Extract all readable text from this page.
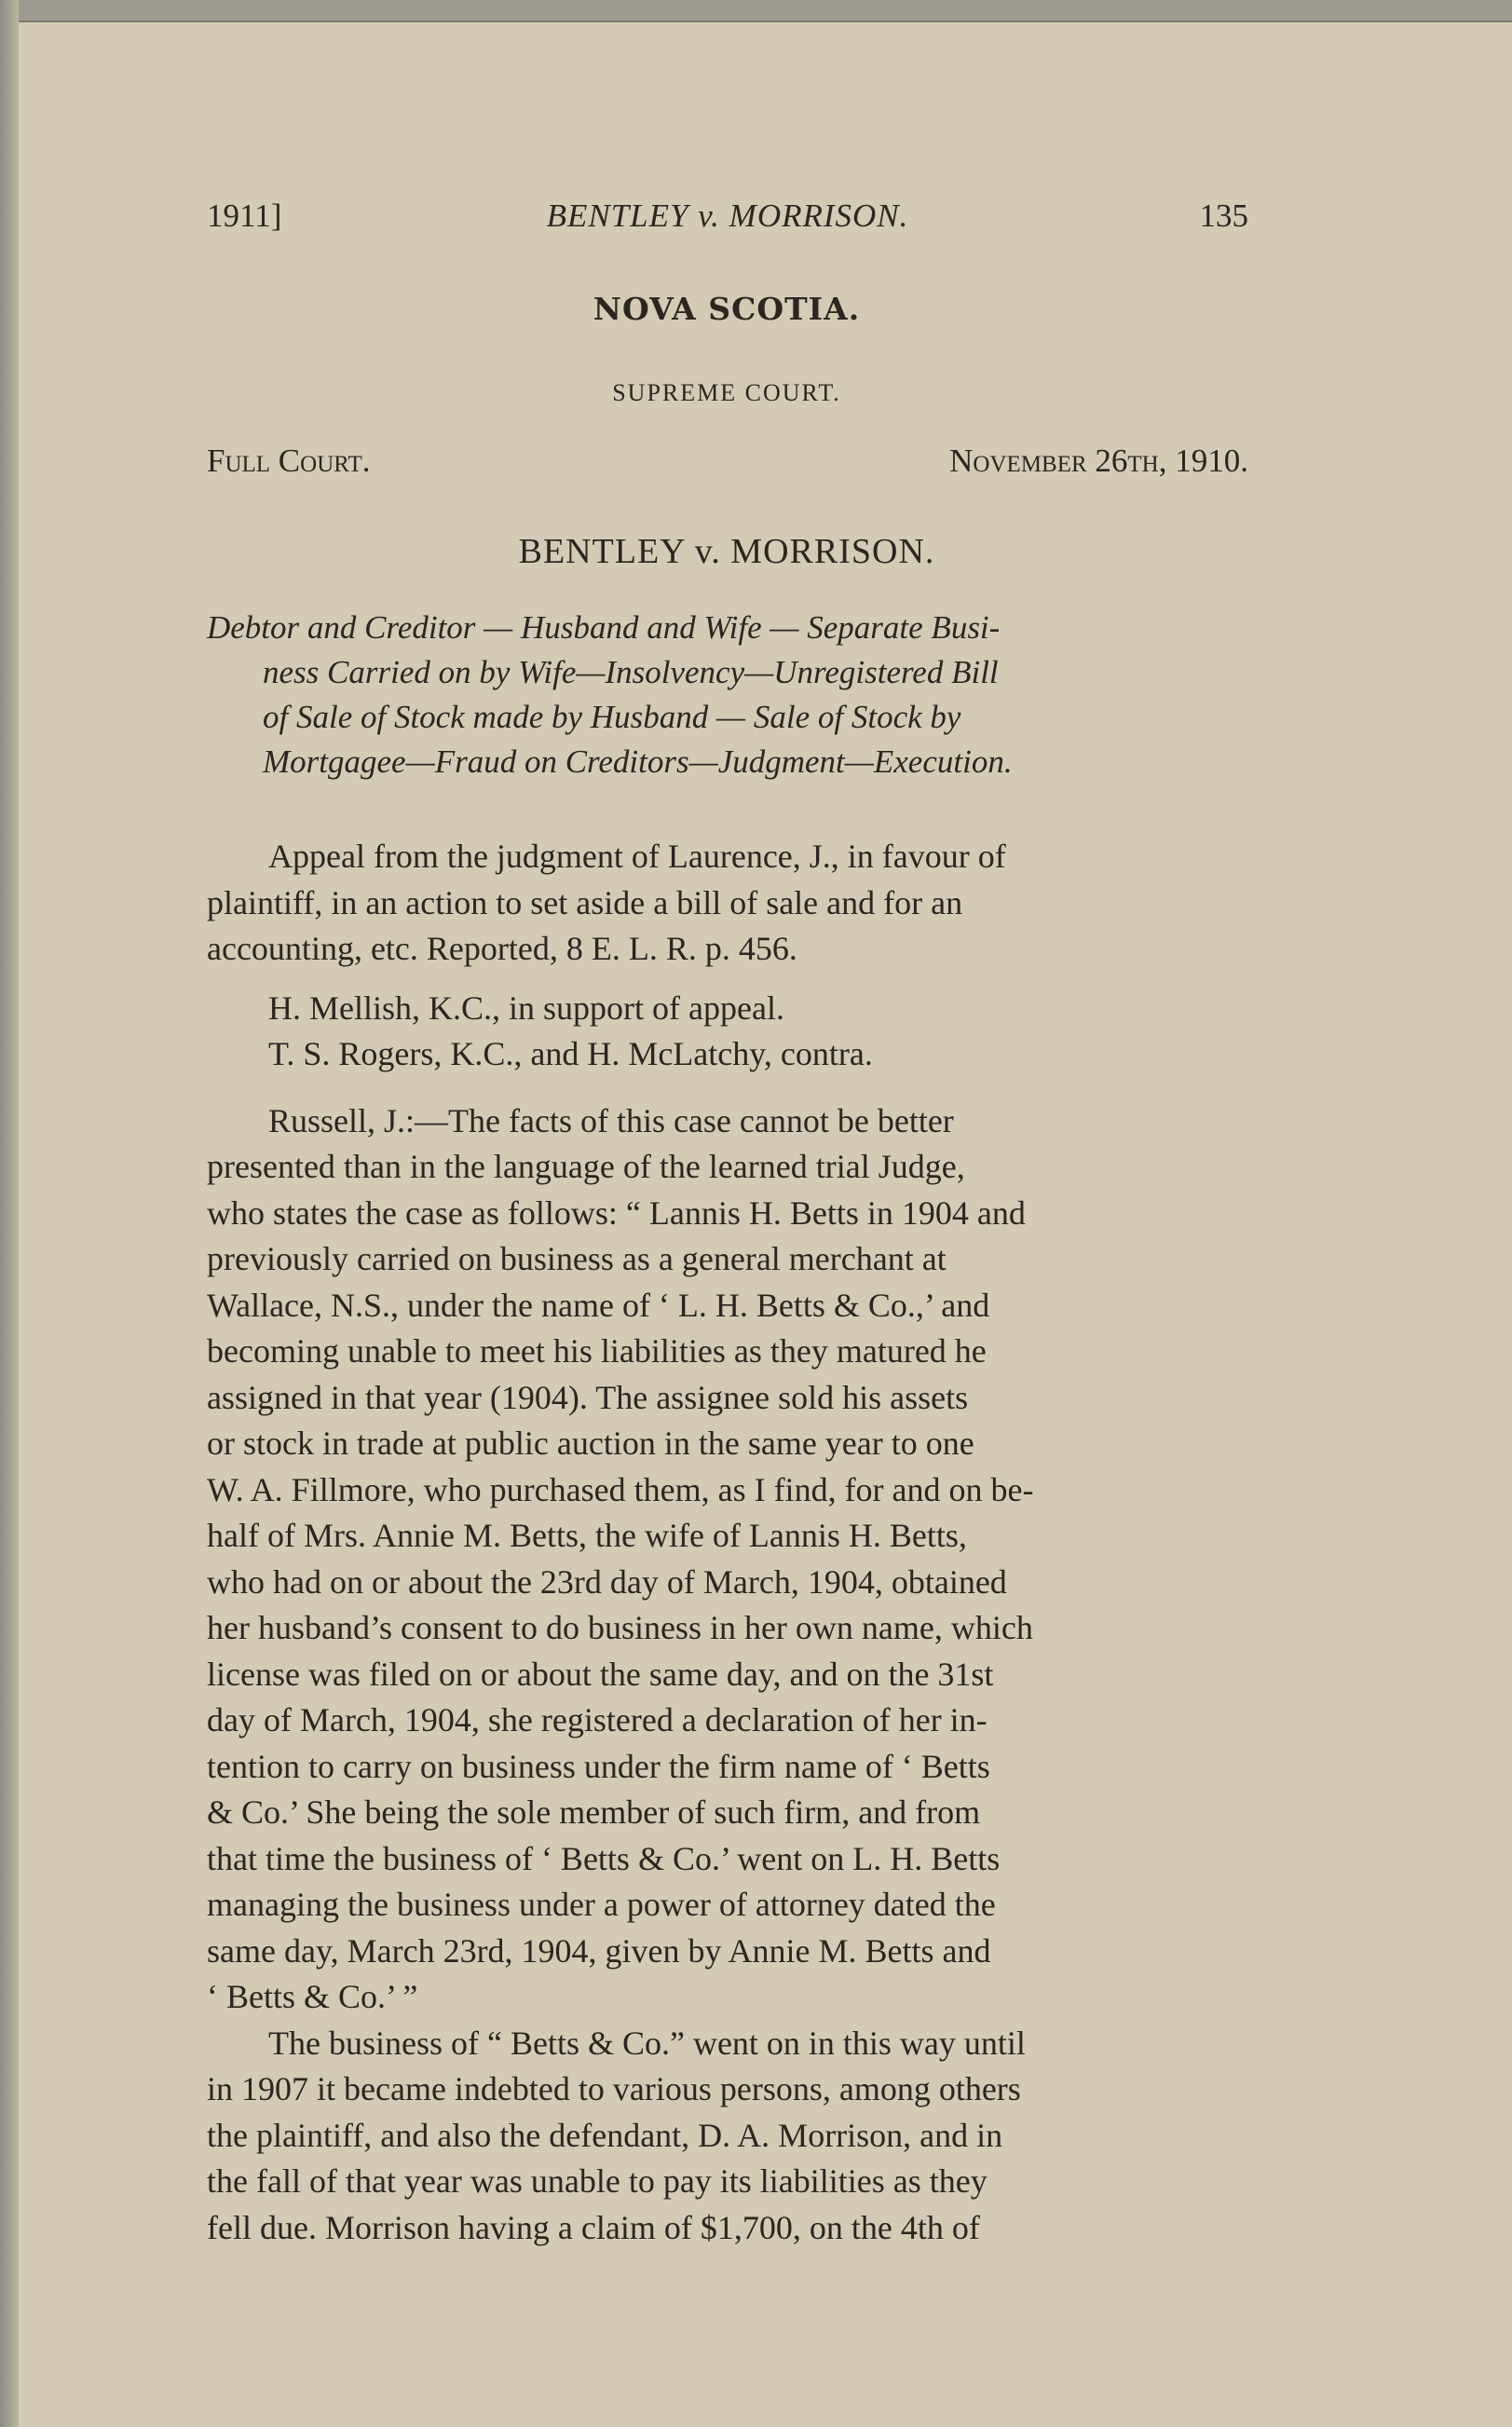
1911]	BENTLEY v. MORRISON.	135
NOVA SCOTIA.
SUPREME COURT.
Full Court.	November 26th, 1910.
BENTLEY v. MORRISON.
Debtor and Creditor — Husband and Wife — Separate Busi-
ness Carried on by Wife—Insolvency—Unregistered Bill
of Sale of Stock made by Husband — Sale of Stock by
Mortgagee—Fraud on Creditors—Judgment—Execution.
Appeal from the judgment of Laurence, J., in favour of
plaintiff, in an action to set aside a bill of sale and for an
accounting, etc. Reported, 8 E. L. R. p. 456.
H. Mellish, K.C., in support of appeal.
T. S. Rogers, K.C., and H. McLatchy, contra.
Russell, J.:—The facts of this case cannot be better
presented than in the language of the learned trial Judge,
who states the case as follows: “ Lannis H. Betts in 1904 and
previously carried on business as a general merchant at
Wallace, N.S., under the name of ‘ L. H. Betts & Co.,’ and
becoming unable to meet his liabilities as they matured he
assigned in that year (1904). The assignee sold his assets
or stock in trade at public auction in the same year to one
W. A. Fillmore, who purchased them, as I find, for and on be-
half of Mrs. Annie M. Betts, the wife of Lannis H. Betts,
who had on or about the 23rd day of March, 1904, obtained
her husband’s consent to do business in her own name, which
license was filed on or about the same day, and on the 31st
day of March, 1904, she registered a declaration of her in-
tention to carry on business under the firm name of ‘ Betts
& Co.’ She being the sole member of such firm, and from
that time the business of ‘ Betts & Co.’ went on L. H. Betts
managing the business under a power of attorney dated the
same day, March 23rd, 1904, given by Annie M. Betts and
‘ Betts & Co.’ ”
The business of “ Betts & Co.” went on in this way until
in 1907 it became indebted to various persons, among others
the plaintiff, and also the defendant, D. A. Morrison, and in
the fall of that year was unable to pay its liabilities as they
fell due. Morrison having a claim of $1,700, on the 4th of
